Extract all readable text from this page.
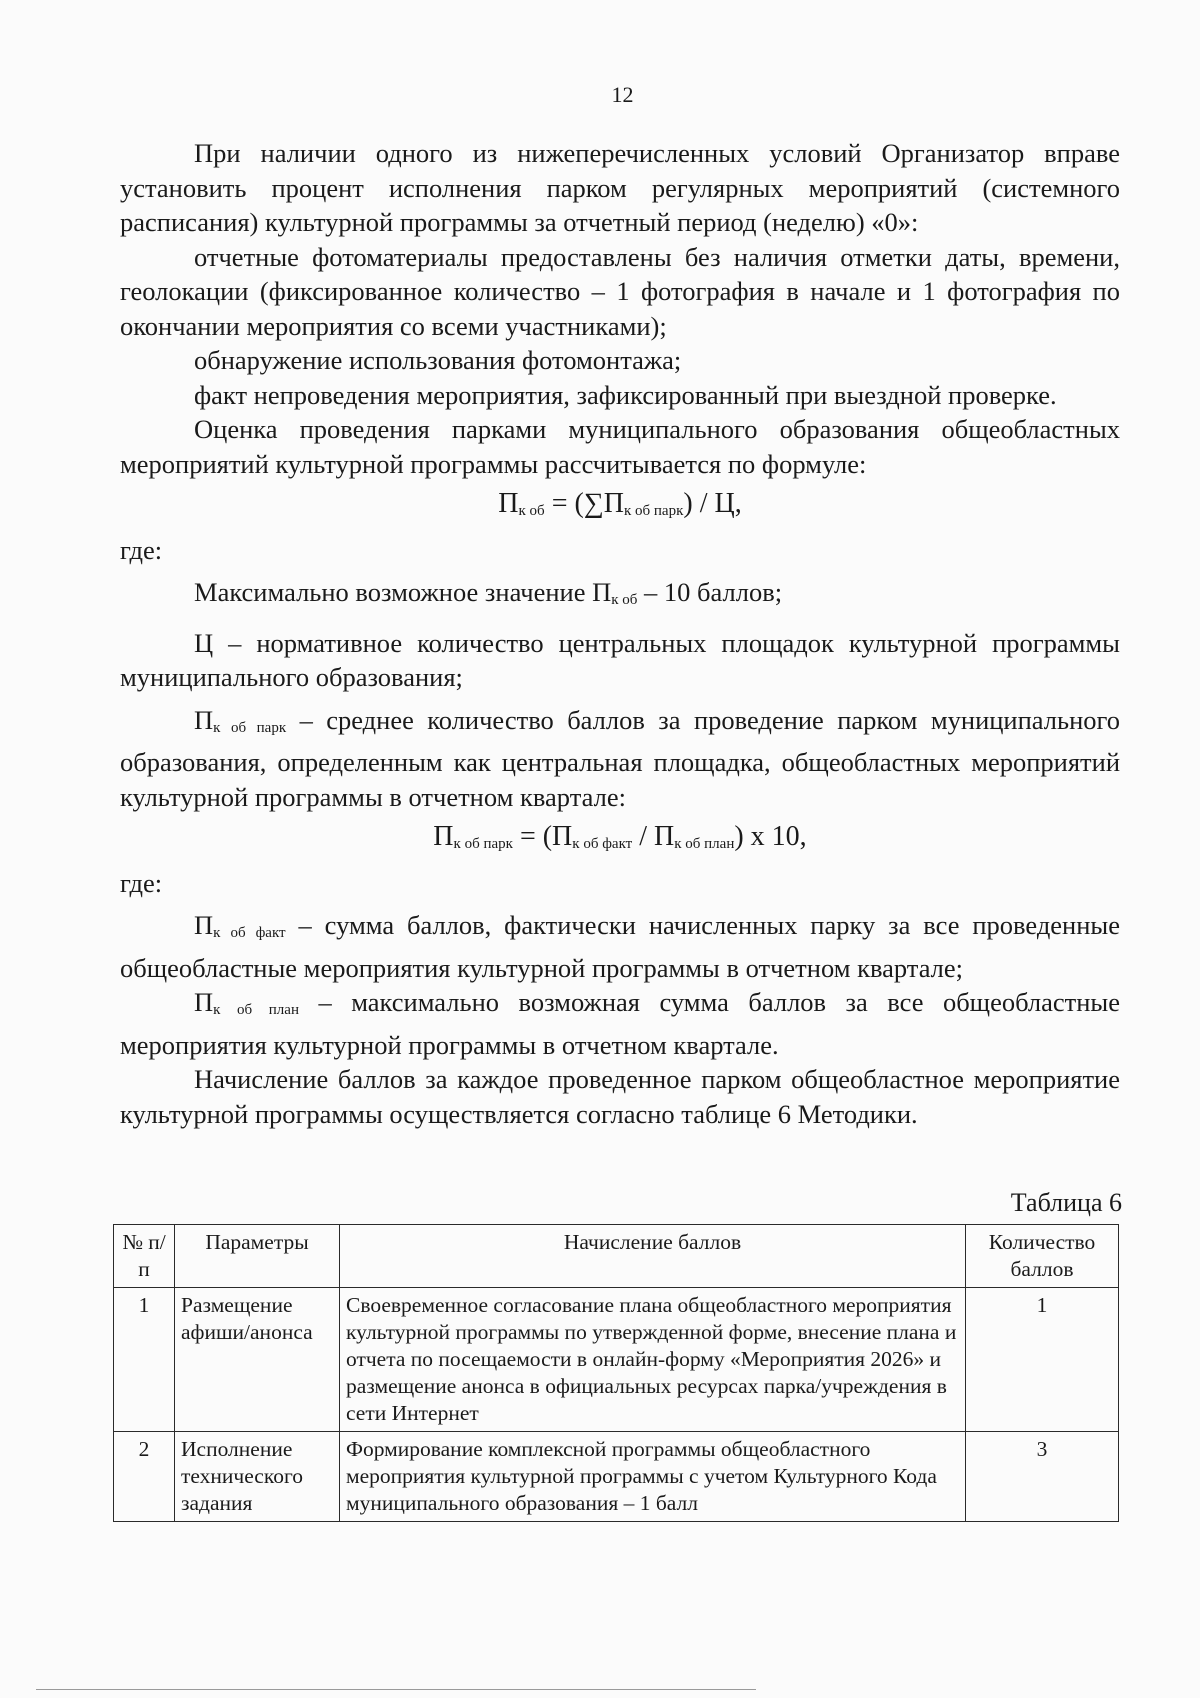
12

При наличии одного из нижеперечисленных условий Организатор вправе установить процент исполнения парком регулярных мероприятий (системного расписания) культурной программы за отчетный период (неделю) «0»:

отчетные фотоматериалы предоставлены без наличия отметки даты, времени, геолокации (фиксированное количество – 1 фотография в начале и 1 фотография по окончании мероприятия со всеми участниками);

обнаружение использования фотомонтажа;

факт непроведения мероприятия, зафиксированный при выездной проверке.

Оценка проведения парками муниципального образования общеобластных мероприятий культурной программы рассчитывается по формуле:

$П_{к об} = (\sum П_{к об парк}) / Ц$,

где:

Максимально возможное значение $П_{к об} - 10$ баллов;

Ц – нормативное количество центральных площадок культурной программы муниципального образования;

$П_{к об парк}$ – среднее количество баллов за проведение парком муниципального образования, определенным как центральная площадка, общеобластных мероприятий культурной программы в отчетном квартале:

$П_{к об парк} = (П_{к об факт} / П_{к об план})$ х 10,

где:

$П_{к об факт}$ – сумма баллов, фактически начисленных парку за все проведенные общеобластные мероприятия культурной программы в отчетном квартале;

$П_{к об план}$ – максимально возможная сумма баллов за все общеобластные мероприятия культурной программы в отчетном квартале.

Начисление баллов за каждое проведенное парком общеобластное мероприятие культурной программы осуществляется согласно таблице 6 Методики.

Таблица 6
№ п/п	Параметры	Начисление баллов	Количество баллов
1	Размещение афиши/анонса	Своевременное согласование плана общеобластного мероприятия культурной программы по утвержденной форме, внесение плана и отчета по посещаемости в онлайн-форму «Мероприятия 2026» и размещение анонса в официальных ресурсах парка/учреждения в сети Интернет	1
2	Исполнение технического задания	Формирование комплексной программы общеобластного мероприятия культурной программы с учетом Культурного Кода муниципального образования – 1 балл	3
